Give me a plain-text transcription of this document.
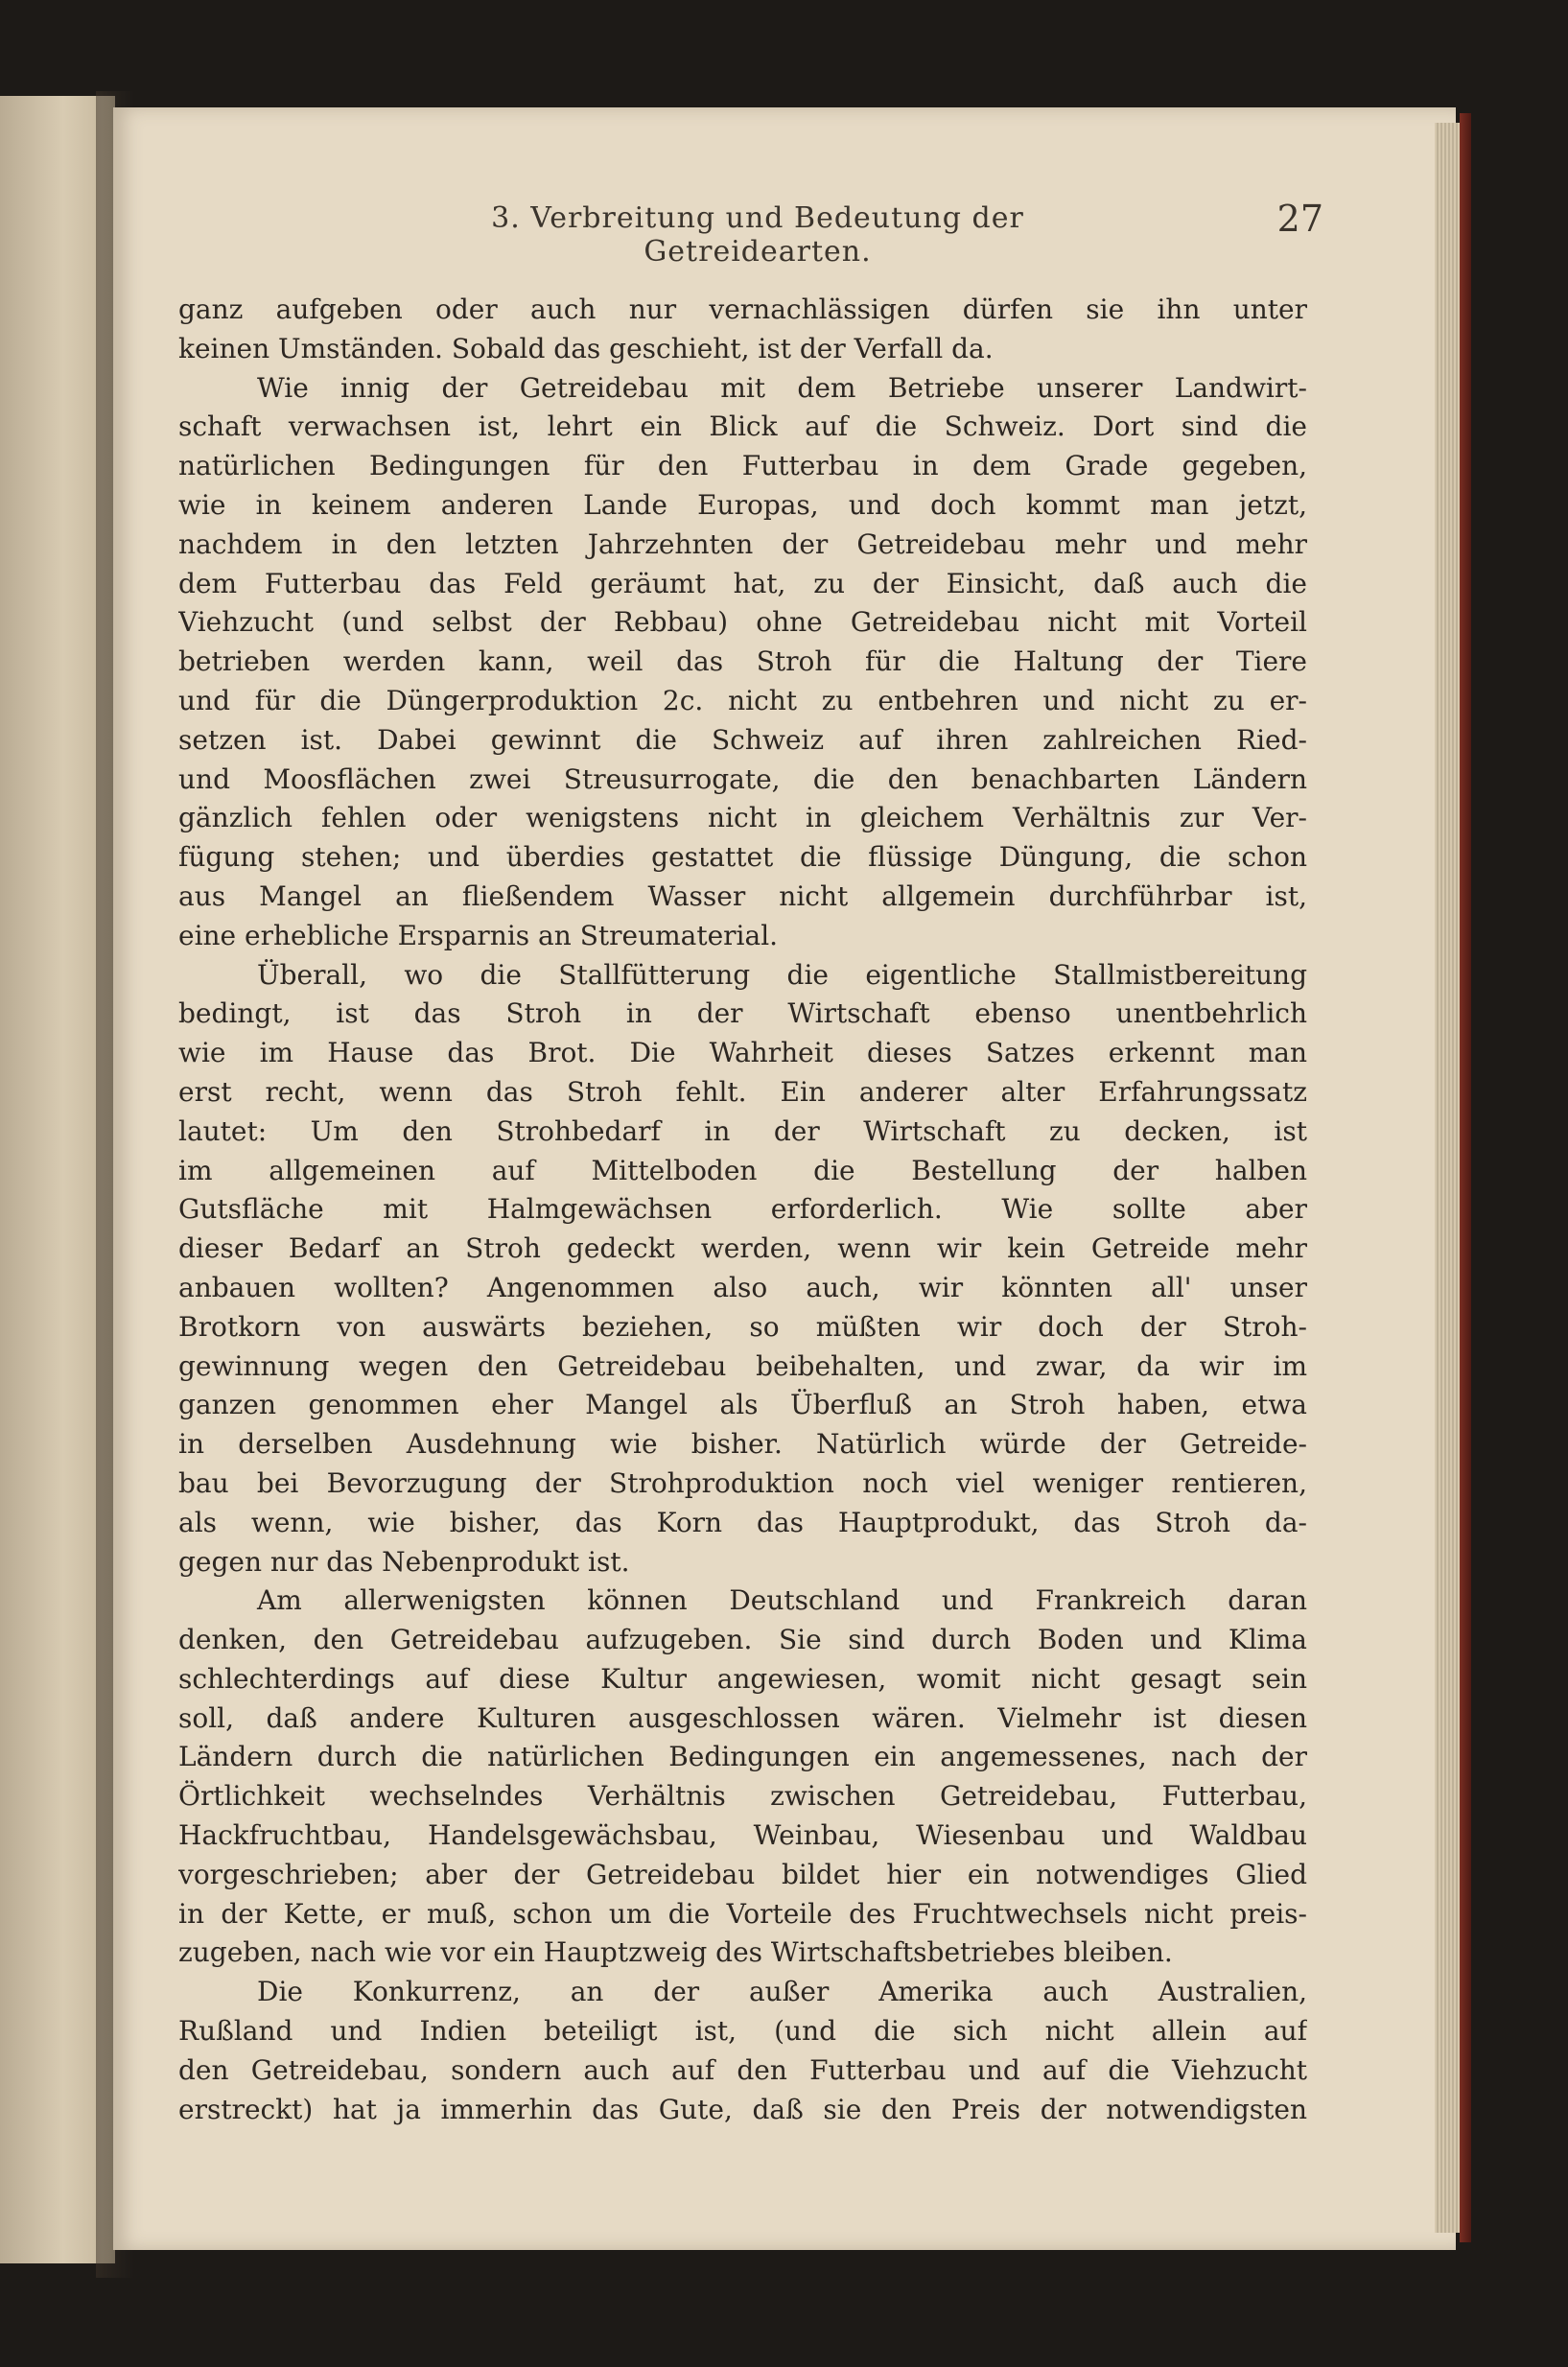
3. Verbreitung und Bedeutung der Getreidearten.
27
ganz aufgeben oder auch nur vernachlässigen dürfen sie ihn unter
keinen Umständen. Sobald das geschieht, ist der Verfall da.
Wie innig der Getreidebau mit dem Betriebe unserer Landwirt-
schaft verwachsen ist, lehrt ein Blick auf die Schweiz. Dort sind die
natürlichen Bedingungen für den Futterbau in dem Grade gegeben,
wie in keinem anderen Lande Europas, und doch kommt man jetzt,
nachdem in den letzten Jahrzehnten der Getreidebau mehr und mehr
dem Futterbau das Feld geräumt hat, zu der Einsicht, daß auch die
Viehzucht (und selbst der Rebbau) ohne Getreidebau nicht mit Vorteil
betrieben werden kann, weil das Stroh für die Haltung der Tiere
und für die Düngerproduktion 2c. nicht zu entbehren und nicht zu er-
setzen ist. Dabei gewinnt die Schweiz auf ihren zahlreichen Ried-
und Moosflächen zwei Streusurrogate, die den benachbarten Ländern
gänzlich fehlen oder wenigstens nicht in gleichem Verhältnis zur Ver-
fügung stehen; und überdies gestattet die flüssige Düngung, die schon
aus Mangel an fließendem Wasser nicht allgemein durchführbar ist,
eine erhebliche Ersparnis an Streumaterial.
Überall, wo die Stallfütterung die eigentliche Stallmistbereitung
bedingt, ist das Stroh in der Wirtschaft ebenso unentbehrlich
wie im Hause das Brot. Die Wahrheit dieses Satzes erkennt man
erst recht, wenn das Stroh fehlt. Ein anderer alter Erfahrungssatz
lautet: Um den Strohbedarf in der Wirtschaft zu decken, ist
im allgemeinen auf Mittelboden die Bestellung der halben
Gutsfläche mit Halmgewächsen erforderlich. Wie sollte aber
dieser Bedarf an Stroh gedeckt werden, wenn wir kein Getreide mehr
anbauen wollten? Angenommen also auch, wir könnten all' unser
Brotkorn von auswärts beziehen, so müßten wir doch der Stroh-
gewinnung wegen den Getreidebau beibehalten, und zwar, da wir im
ganzen genommen eher Mangel als Überfluß an Stroh haben, etwa
in derselben Ausdehnung wie bisher. Natürlich würde der Getreide-
bau bei Bevorzugung der Strohproduktion noch viel weniger rentieren,
als wenn, wie bisher, das Korn das Hauptprodukt, das Stroh da-
gegen nur das Nebenprodukt ist.
Am allerwenigsten können Deutschland und Frankreich daran
denken, den Getreidebau aufzugeben. Sie sind durch Boden und Klima
schlechterdings auf diese Kultur angewiesen, womit nicht gesagt sein
soll, daß andere Kulturen ausgeschlossen wären. Vielmehr ist diesen
Ländern durch die natürlichen Bedingungen ein angemessenes, nach der
Örtlichkeit wechselndes Verhältnis zwischen Getreidebau, Futterbau,
Hackfruchtbau, Handelsgewächsbau, Weinbau, Wiesenbau und Waldbau
vorgeschrieben; aber der Getreidebau bildet hier ein notwendiges Glied
in der Kette, er muß, schon um die Vorteile des Fruchtwechsels nicht preis-
zugeben, nach wie vor ein Hauptzweig des Wirtschaftsbetriebes bleiben.
Die Konkurrenz, an der außer Amerika auch Australien,
Rußland und Indien beteiligt ist, (und die sich nicht allein auf
den Getreidebau, sondern auch auf den Futterbau und auf die Viehzucht
erstreckt) hat ja immerhin das Gute, daß sie den Preis der notwendigsten
